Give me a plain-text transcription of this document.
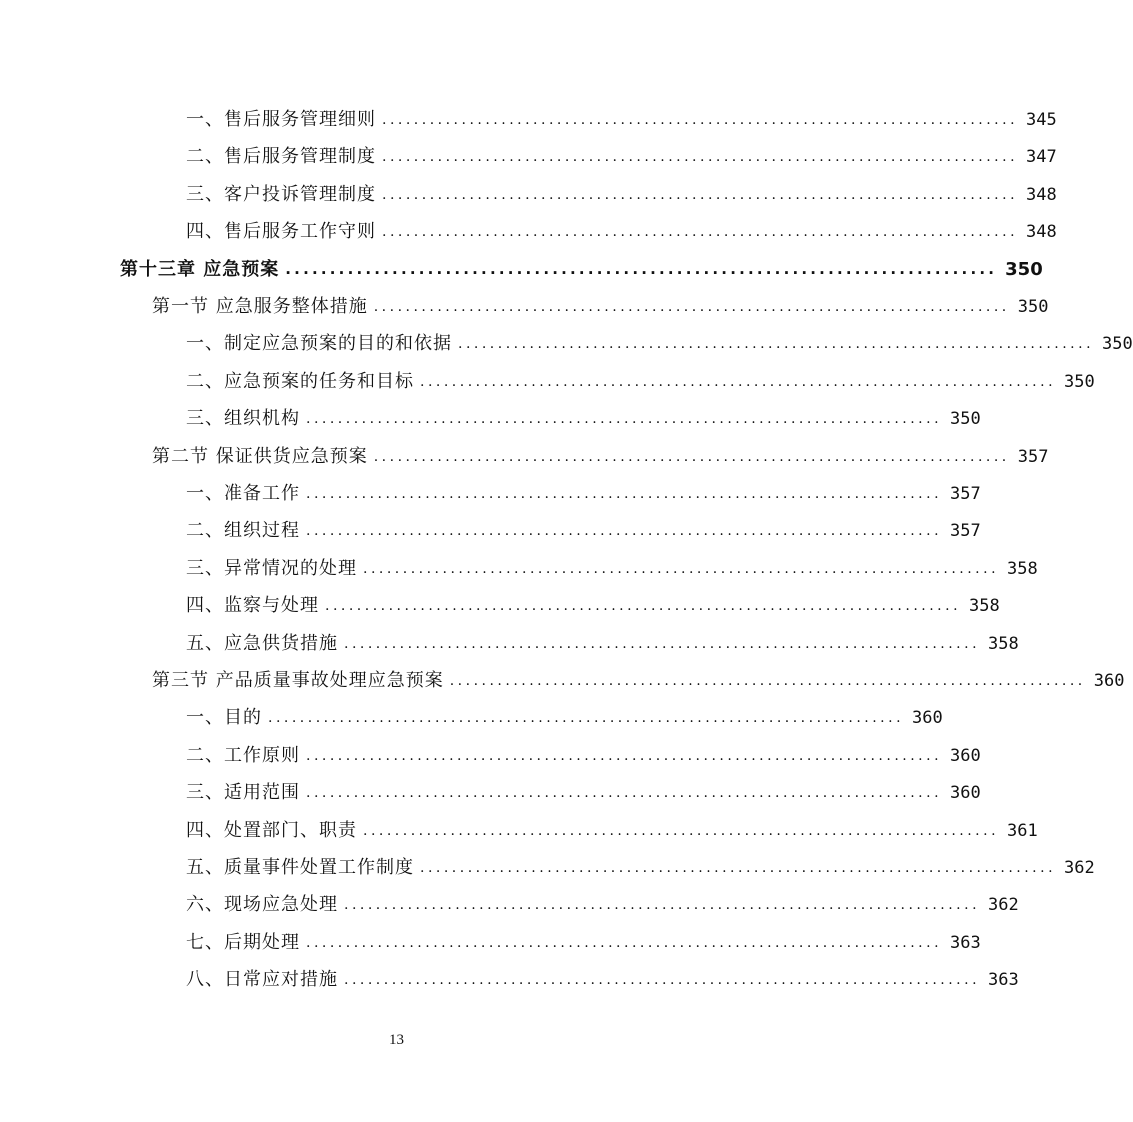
一、售后服务管理细则 ................................................................................ 345
二、售后服务管理制度 ................................................................................ 347
三、客户投诉管理制度 ................................................................................ 348
四、售后服务工作守则 ................................................................................ 348
第十三章 应急预案 ................................................................................ 350
第一节 应急服务整体措施 ................................................................................ 350
一、制定应急预案的目的和依据 ................................................................................ 350
二、应急预案的任务和目标 ................................................................................ 350
三、组织机构 ................................................................................ 350
第二节 保证供货应急预案 ................................................................................ 357
一、准备工作 ................................................................................ 357
二、组织过程 ................................................................................ 357
三、异常情况的处理 ................................................................................ 358
四、监察与处理 ................................................................................ 358
五、应急供货措施 ................................................................................ 358
第三节 产品质量事故处理应急预案 ................................................................................ 360
一、目的 ................................................................................ 360
二、工作原则 ................................................................................ 360
三、适用范围 ................................................................................ 360
四、处置部门、职责 ................................................................................ 361
五、质量事件处置工作制度 ................................................................................ 362
六、现场应急处理 ................................................................................ 362
七、后期处理 ................................................................................ 363
八、日常应对措施 ................................................................................ 363
13
